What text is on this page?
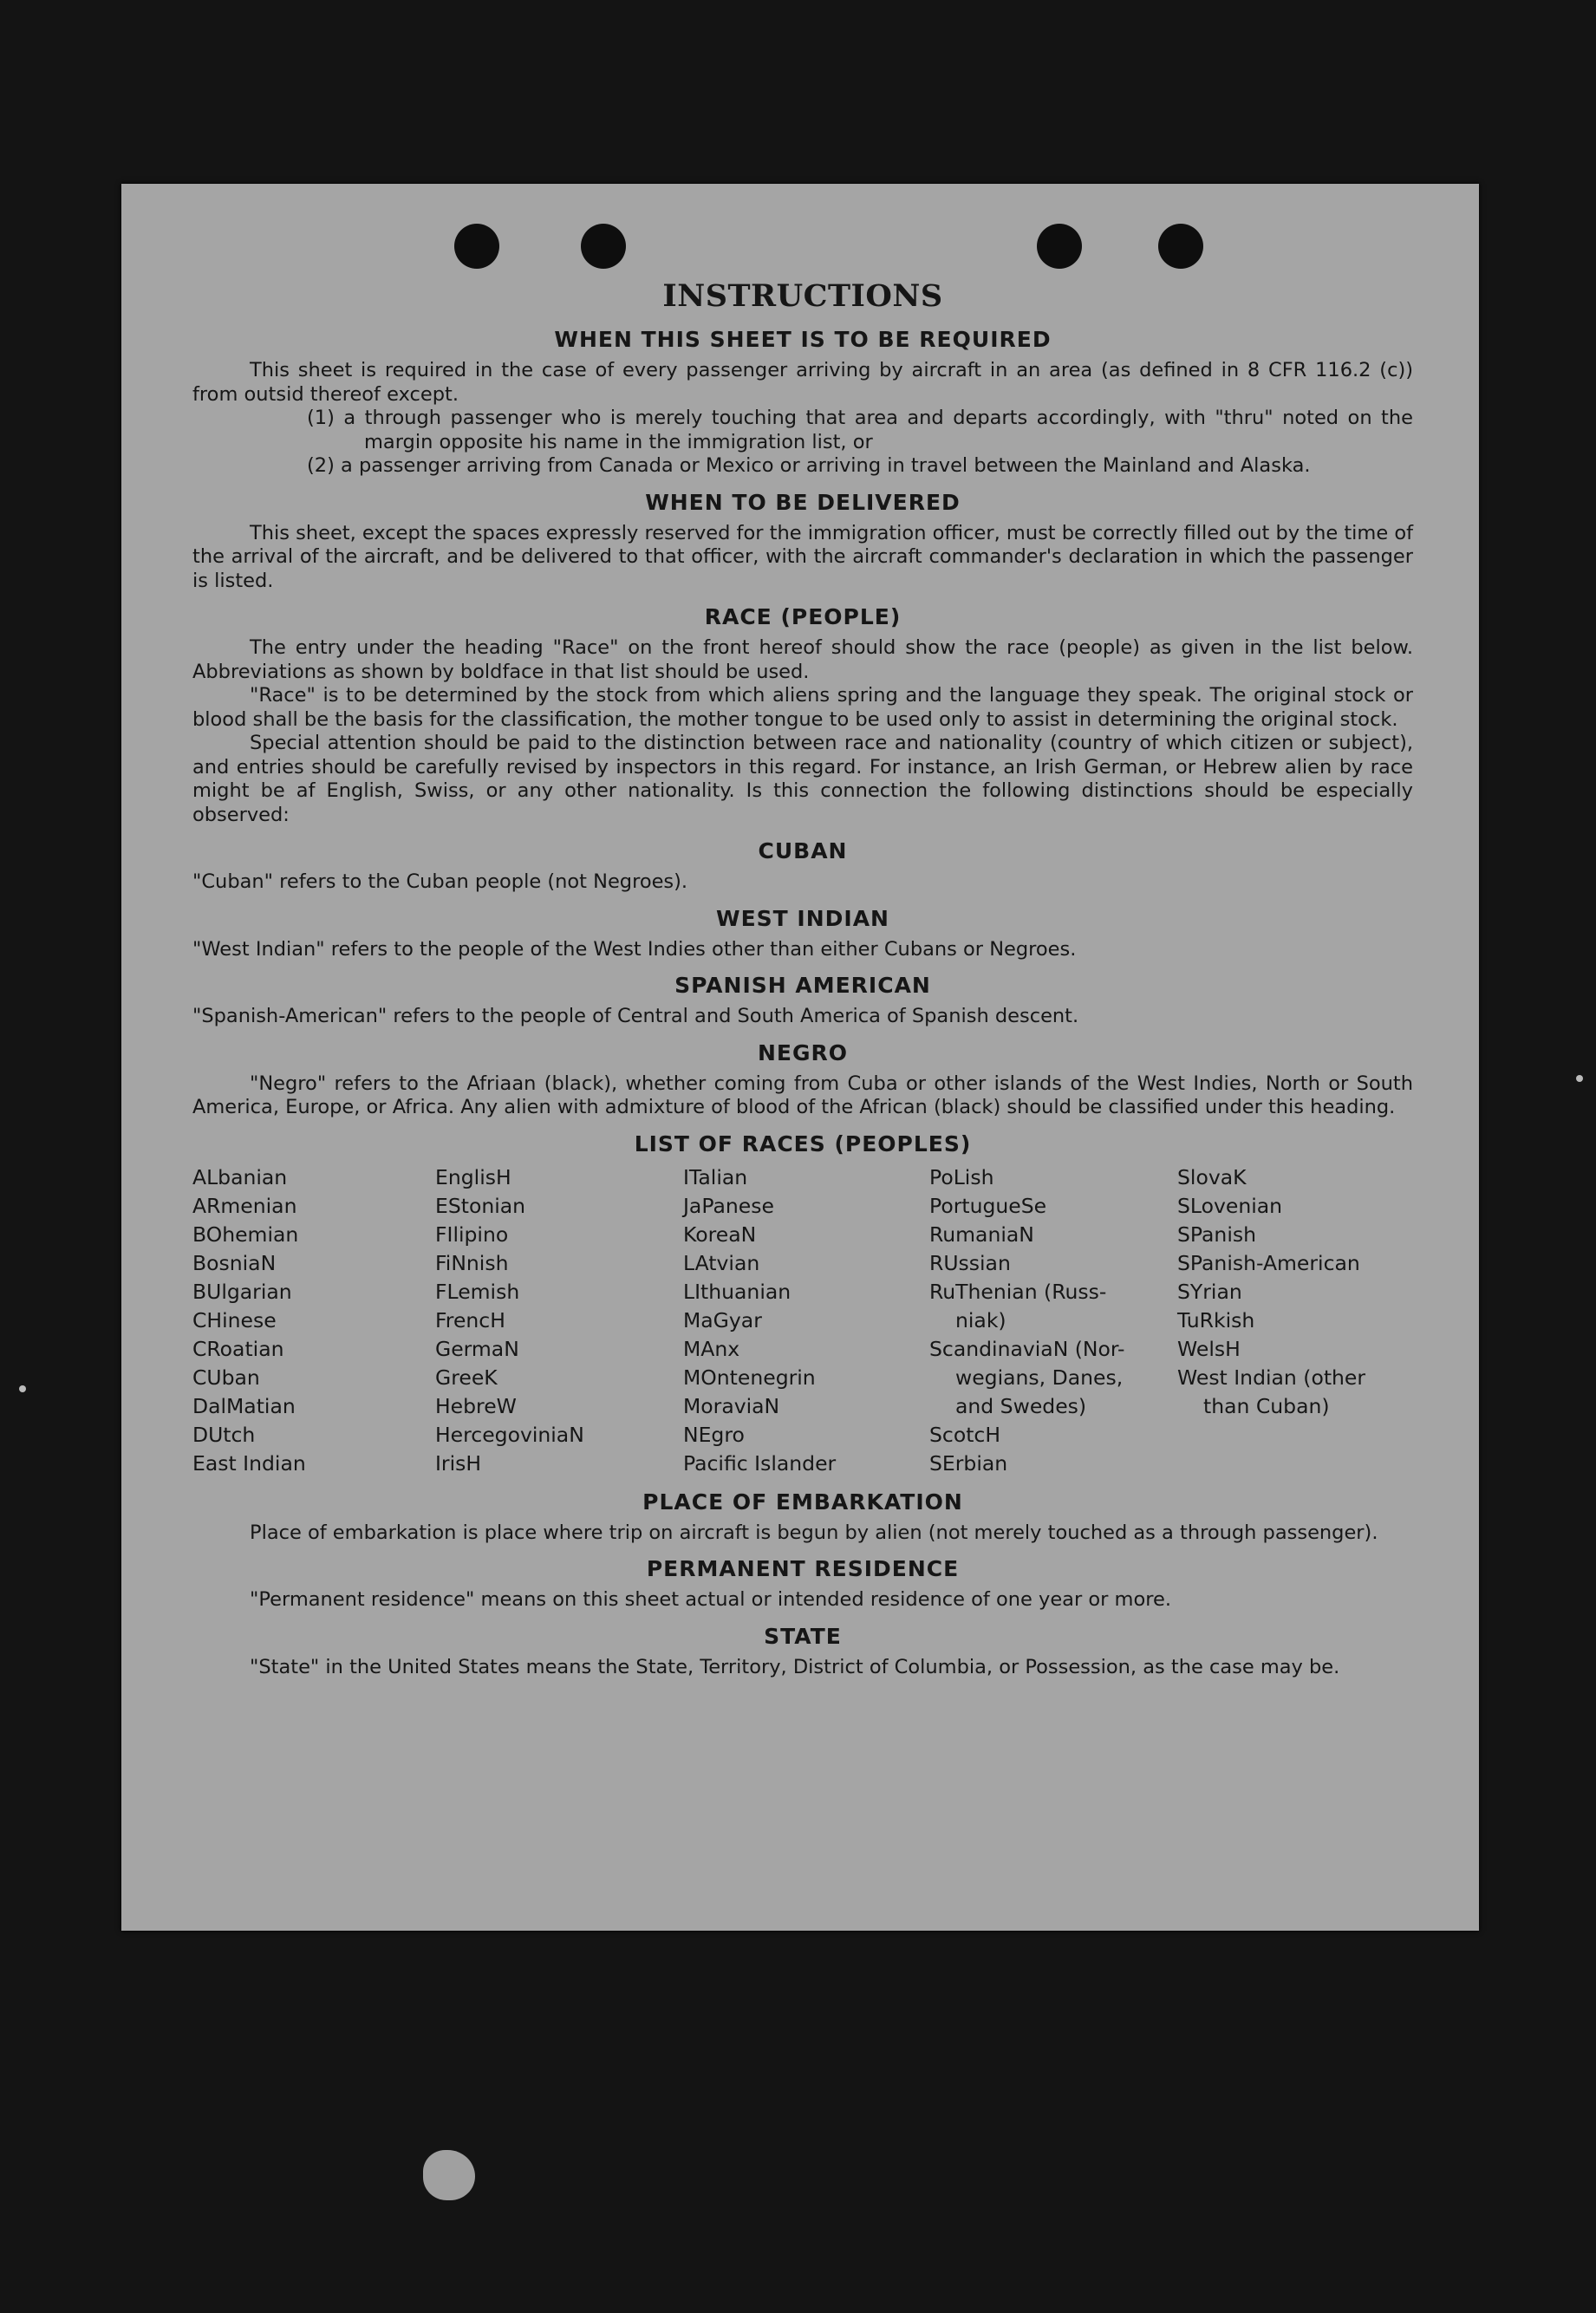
INSTRUCTIONS
WHEN THIS SHEET IS TO BE REQUIRED

This sheet is required in the case of every passenger arriving by aircraft in an area (as defined in 8 CFR 116.2 (c)) from outsid thereof except.

(1) a through passenger who is merely touching that area and departs accordingly, with "thru" noted on the margin opposite his name in the immigration list, or
(2) a passenger arriving from Canada or Mexico or arriving in travel between the Mainland and Alaska.
WHEN TO BE DELIVERED

This sheet, except the spaces expressly reserved for the immigration officer, must be correctly filled out by the time of the arrival of the aircraft, and be delivered to that officer, with the aircraft commander's declaration in which the passenger is listed.

RACE (PEOPLE)

The entry under the heading "Race" on the front hereof should show the race (people) as given in the list below. Abbreviations as shown by boldface in that list should be used.

"Race" is to be determined by the stock from which aliens spring and the language they speak. The original stock or blood shall be the basis for the classification, the mother tongue to be used only to assist in determining the original stock.

Special attention should be paid to the distinction between race and nationality (country of which citizen or subject), and entries should be carefully revised by inspectors in this regard. For instance, an Irish German, or Hebrew alien by race might be af English, Swiss, or any other nationality. Is this connection the following distinctions should be especially observed:

CUBAN

"Cuban" refers to the Cuban people (not Negroes).

WEST INDIAN

"West Indian" refers to the people of the West Indies other than either Cubans or Negroes.

SPANISH AMERICAN

"Spanish-American" refers to the people of Central and South America of Spanish descent.

NEGRO

"Negro" refers to the Afriaan (black), whether coming from Cuba or other islands of the West Indies, North or South America, Europe, or Africa. Any alien with admixture of blood of the African (black) should be classified under this heading.

LIST OF RACES (PEOPLES)
ALbanian
ARmenian
BOhemian
BosniaN
BUlgarian
CHinese
CRoatian
CUban
DalMatian
DUtch
East Indian
EnglisH
EStonian
FIlipino
FiNnish
FLemish
FrencH
GermaN
GreeK
HebreW
HercegoviniaN
IrisH
ITalian
JaPanese
KoreaN
LAtvian
LIthuanian
MaGyar
MAnx
MOntenegrin
MoraviaN
NEgro
Pacific Islander
PoLish
PortugueSe
RumaniaN
RUssian
RuThenian (Russ-
niak)
ScandinaviaN (Nor-
wegians, Danes,
and Swedes)
ScotcH
SErbian
SlovaK
SLovenian
SPanish
SPanish-American
SYrian
TuRkish
WelsH
West Indian (other
than Cuban)
PLACE OF EMBARKATION

Place of embarkation is place where trip on aircraft is begun by alien (not merely touched as a through passenger).

PERMANENT RESIDENCE

"Permanent residence" means on this sheet actual or intended residence of one year or more.

STATE

"State" in the United States means the State, Territory, District of Columbia, or Possession, as the case may be.
